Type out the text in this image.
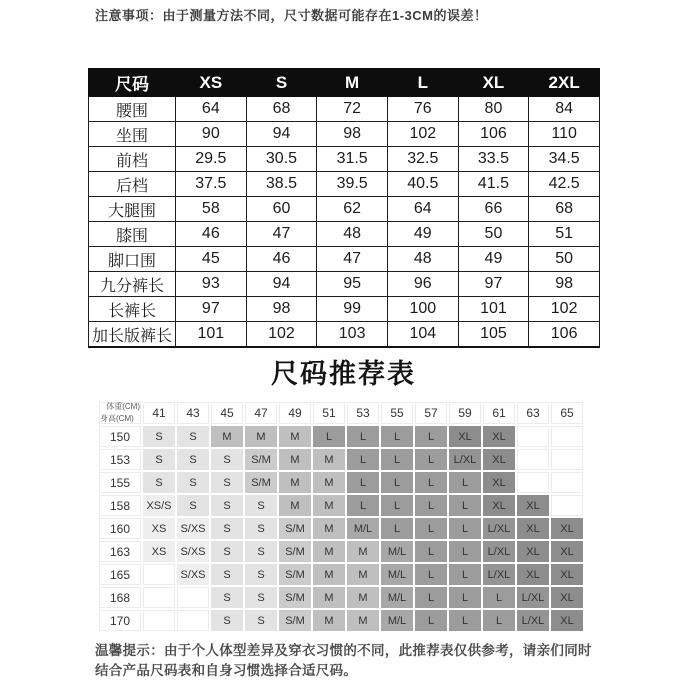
注意事项：由于测量方法不同，尺寸数据可能存在1-3CM的误差！

尺码	XS	S	M	L	XL	2XL
腰围	64	68	72	76	80	84
坐围	90	94	98	102	106	110
前档	29.5	30.5	31.5	32.5	33.5	34.5
后档	37.5	38.5	39.5	40.5	41.5	42.5
大腿围	58	60	62	64	66	68
膝围	46	47	48	49	50	51
脚口围	45	46	47	48	49	50
九分裤长	93	94	95	96	97	98
长裤长	97	98	99	100	101	102
加长版裤长	101	102	103	104	105	106
尺码推荐表
体重(CM)
身高(CM)	41	43	45	47	49	51	53	55	57	59	61	63	65
150	S	S	M	M	M	L	L	L	L	XL	XL		
153	S	S	S	S/M	M	M	L	L	L	L/XL	XL		
155	S	S	S	S/M	M	M	L	L	L	L	XL		
158	XS/S	S	S	S	M	M	L	L	L	L	XL	XL	
160	XS	S/XS	S	S	S/M	M	M/L	L	L	L	L/XL	XL	XL
163	XS	S/XS	S	S	S/M	M	M	M/L	L	L	L/XL	XL	XL
165		S/XS	S	S	S/M	M	M	M/L	L	L	L/XL	XL	XL
168			S	S	S/M	M	M	M/L	L	L	L	L/XL	XL
170			S	S	S/M	M	M	M/L	L	L	L	L/XL	XL

温馨提示：由于个人体型差异及穿衣习惯的不同，此推荐表仅供参考，请亲们同时结合产品尺码表和自身习惯选择合适尺码。
